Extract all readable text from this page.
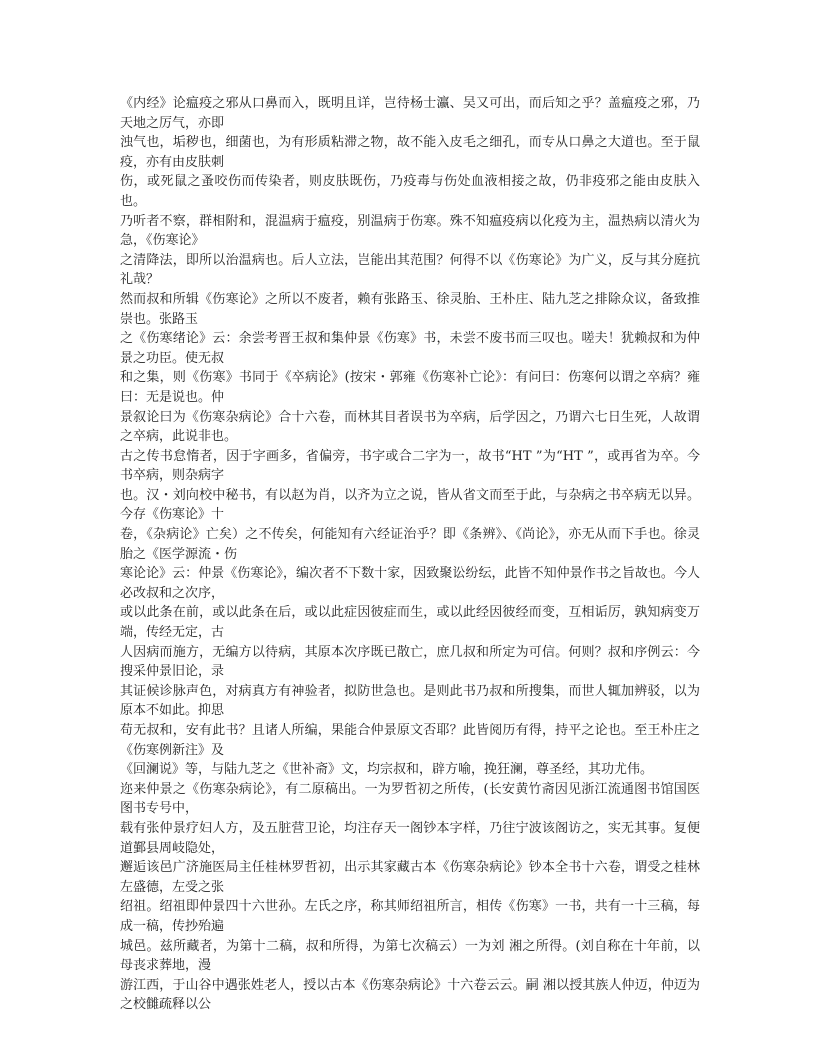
《内经》论瘟疫之邪从口鼻而入，既明且详，岂待杨士瀛、吴又可出，而后知之乎？盖瘟疫之邪，乃天地之厉气，亦即

浊气也，垢秽也，细菌也，为有形质粘滞之物，故不能入皮毛之细孔，而专从口鼻之大道也。至于鼠疫，亦有由皮肤刺

伤，或死鼠之蚤咬伤而传染者，则皮肤既伤，乃疫毒与伤处血液相接之故，仍非疫邪之能由皮肤入也。

乃听者不察，群相附和，混温病于瘟疫，别温病于伤寒。殊不知瘟疫病以化疫为主，温热病以清火为急，《伤寒论》

之清降法，即所以治温病也。后人立法，岂能出其范围？何得不以《伤寒论》为广义，反与其分庭抗礼哉？

然而叔和所辑《伤寒论》之所以不废者，赖有张路玉、徐灵胎、王朴庄、陆九芝之排除众议，备致推崇也。张路玉

之《伤寒绪论》云：余尝考晋王叔和集仲景《伤寒》书，未尝不废书而三叹也。嗟夫！犹赖叔和为仲景之功臣。使无叔

和之集，则《伤寒》书同于《卒病论》(按宋・郭雍《伤寒补亡论》：有问曰：伤寒何以谓之卒病？雍曰：无是说也。仲

景叙论曰为《伤寒杂病论》合十六卷，而林其目者误书为卒病，后学因之，乃谓六七日生死，人故谓之卒病，此说非也。

古之传书怠惰者，因于字画多，省偏旁，书字或合二字为一，故书“HT ”为“HT ”，或再省为卒。今书卒病，则杂病字

也。汉・刘向校中秘书，有以赵为肖，以齐为立之说，皆从省文而至于此，与杂病之书卒病无以异。今存《伤寒论》十

卷，《杂病论》亡矣）之不传矣，何能知有六经证治乎？即《条辨》、《尚论》，亦无从而下手也。徐灵胎之《医学源流・伤

寒论论》云：仲景《伤寒论》，编次者不下数十家，因致聚讼纷纭，此皆不知仲景作书之旨故也。今人必改叔和之次序，

或以此条在前，或以此条在后，或以此症因彼症而生，或以此经因彼经而变，互相诟厉，孰知病变万端，传经无定，古

人因病而施方，无编方以待病，其原本次序既已散亡，庶几叔和所定为可信。何则？叔和序例云：今搜采仲景旧论，录

其证候诊脉声色，对病真方有神验者，拟防世急也。是则此书乃叔和所搜集，而世人辄加辨驳，以为原本不如此。抑思

苟无叔和，安有此书？且诸人所编，果能合仲景原文否耶？此皆阅历有得，持平之论也。至王朴庄之《伤寒例新注》及

《回澜说》等，与陆九芝之《世补斋》文，均宗叔和，辟方喻，挽狂澜，尊圣经，其功尤伟。

迩来仲景之《伤寒杂病论》，有二原稿出。一为罗哲初之所传，(长安黄竹斋因见浙江流通图书馆国医图书专号中，

载有张仲景疗妇人方，及五脏营卫论，均注存天一阁钞本字样，乃往宁波该阁访之，实无其事。复便道鄞县周岐隐处，

邂逅该邑广济施医局主任桂林罗哲初，出示其家藏古本《伤寒杂病论》钞本全书十六卷，谓受之桂林左盛德，左受之张

绍祖。绍祖即仲景四十六世孙。左氏之序，称其师绍祖所言，相传《伤寒》一书，共有一十三稿，每成一稿，传抄殆遍

城邑。兹所藏者，为第十二稿，叔和所得，为第七次稿云）一为刘 湘之所得。(刘自称在十年前，以母丧求葬地，漫

游江西，于山谷中遇张姓老人，授以古本《伤寒杂病论》十六卷云云。嗣 湘以授其族人仲迈，仲迈为之校雠疏释以公
